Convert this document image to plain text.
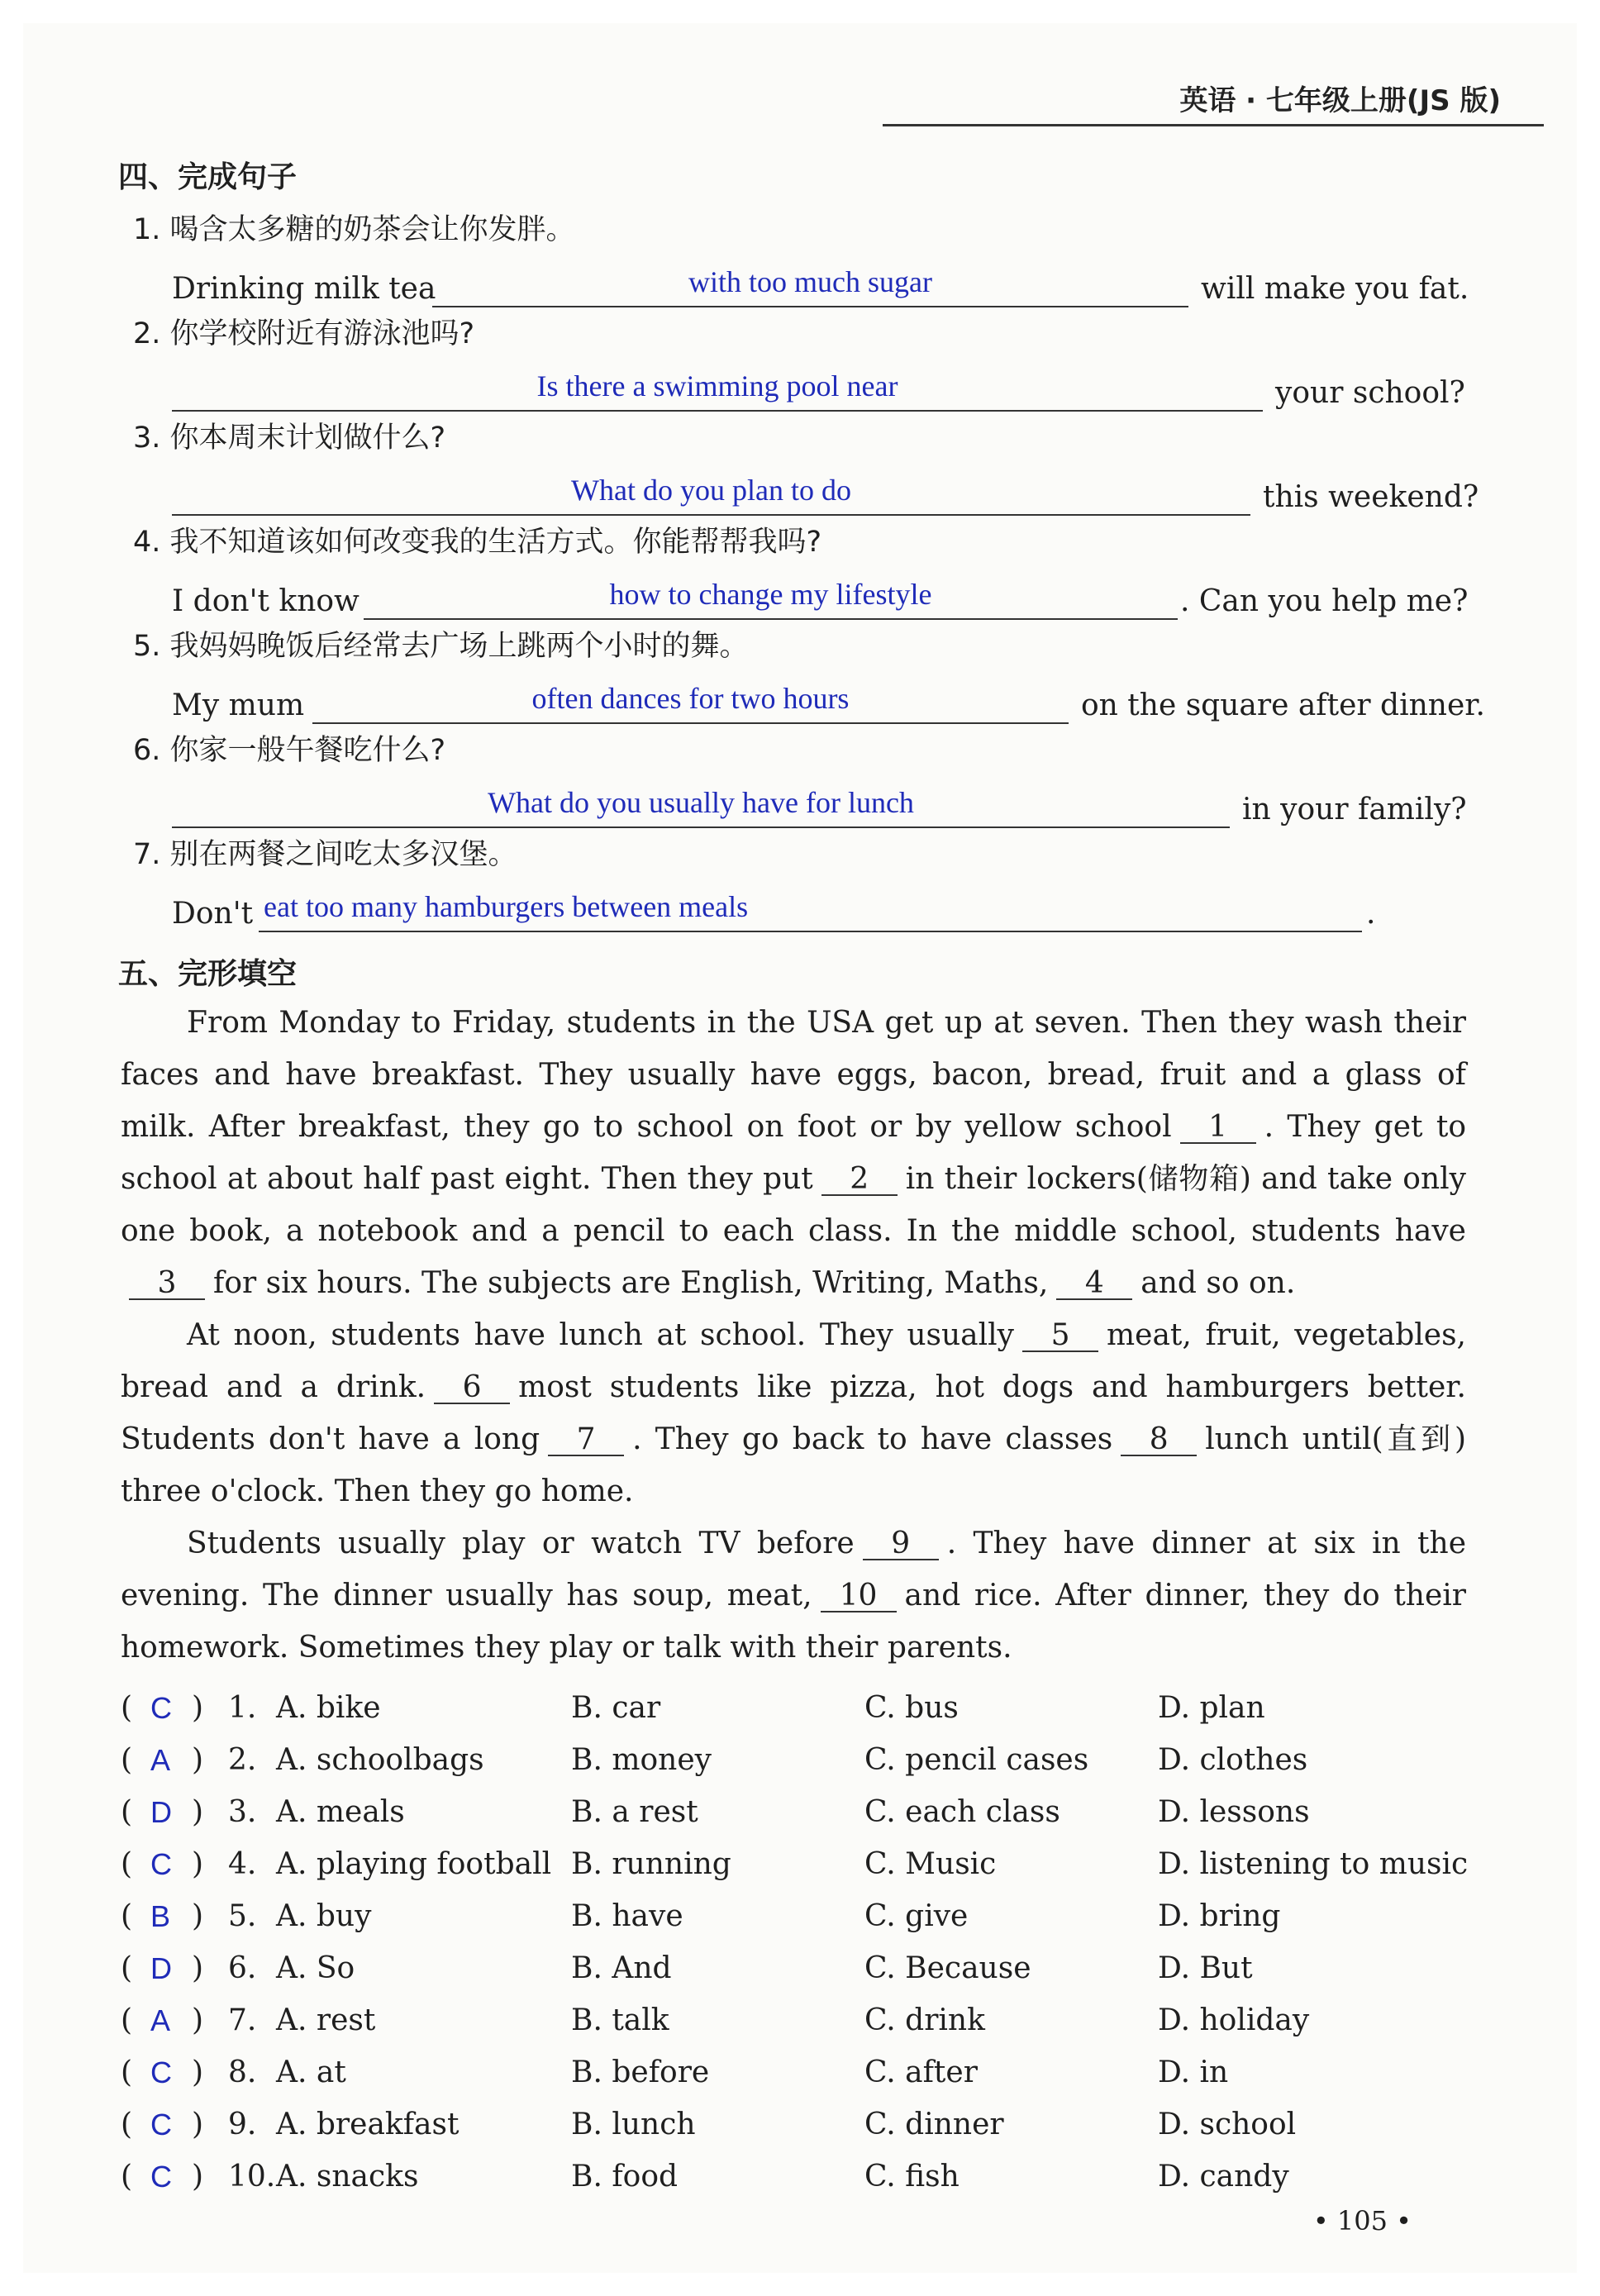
英语 · 七年级上册(JS 版)
四、完成句子
1. 喝含太多糖的奶茶会让你发胖。
Drinking milk tea	with too much sugar	will make you fat.
2. 你学校附近有游泳池吗?
Is there a swimming pool near	your school?
3. 你本周末计划做什么?
What do you plan to do	this weekend?
4. 我不知道该如何改变我的生活方式。你能帮帮我吗?
I don't know	how to change my lifestyle	. Can you help me?
5. 我妈妈晚饭后经常去广场上跳两个小时的舞。
My mum	often dances for two hours	on the square after dinner.
6. 你家一般午餐吃什么?
What do you usually have for lunch	in your family?
7. 别在两餐之间吃太多汉堡。
Don't eat too many hamburgers between meals	.
五、完形填空

From Monday to Friday, students in the USA get up at seven. Then they wash their faces and have breakfast. They usually have eggs, bacon, bread, fruit and a glass of milk. After breakfast, they go to school on foot or by yellow school 1 . They get to school at about half past eight. Then they put 2 in their lockers(储物箱) and take only one book, a notebook and a pencil to each class. In the middle school, students have3 for six hours. The subjects are English, Writing, Maths, 4 and so on.

At noon, students have lunch at school. They usually 5 meat, fruit, vegetables, bread and a drink. 6 most students like pizza, hot dogs and hamburgers better. Students don't have a long 7 . They go back to have classes 8 lunch until(直到) three o'clock. Then they go home.

Students usually play or watch TV before 9 . They have dinner at six in the evening. The dinner usually has soup, meat, 10 and rice. After dinner, they do their homework. Sometimes they play or talk with their parents.

( C ) 1. A. bike	B. car	C. bus	D. plan
( A ) 2. A. schoolbags	B. money	C. pencil cases D. clothes
( D ) 3. A. meals	B. a rest	C. each class	D. lessons
( C ) 4. A. playing football B. running	C. Music	D. listening to music
( B ) 5. A. buy	B. have	C. give	D. bring
( D ) 6. A. So	B. And	C. Because	D. But
( A ) 7. A. rest	B. talk	C. drink	D. holiday
( C ) 8. A. at	B. before	C. after	D. in
( C ) 9. A. breakfast	B. lunch	C. dinner	D. school
( C ) 10. A. snacks	B. food	C. fish	D. candy
• 105 •
